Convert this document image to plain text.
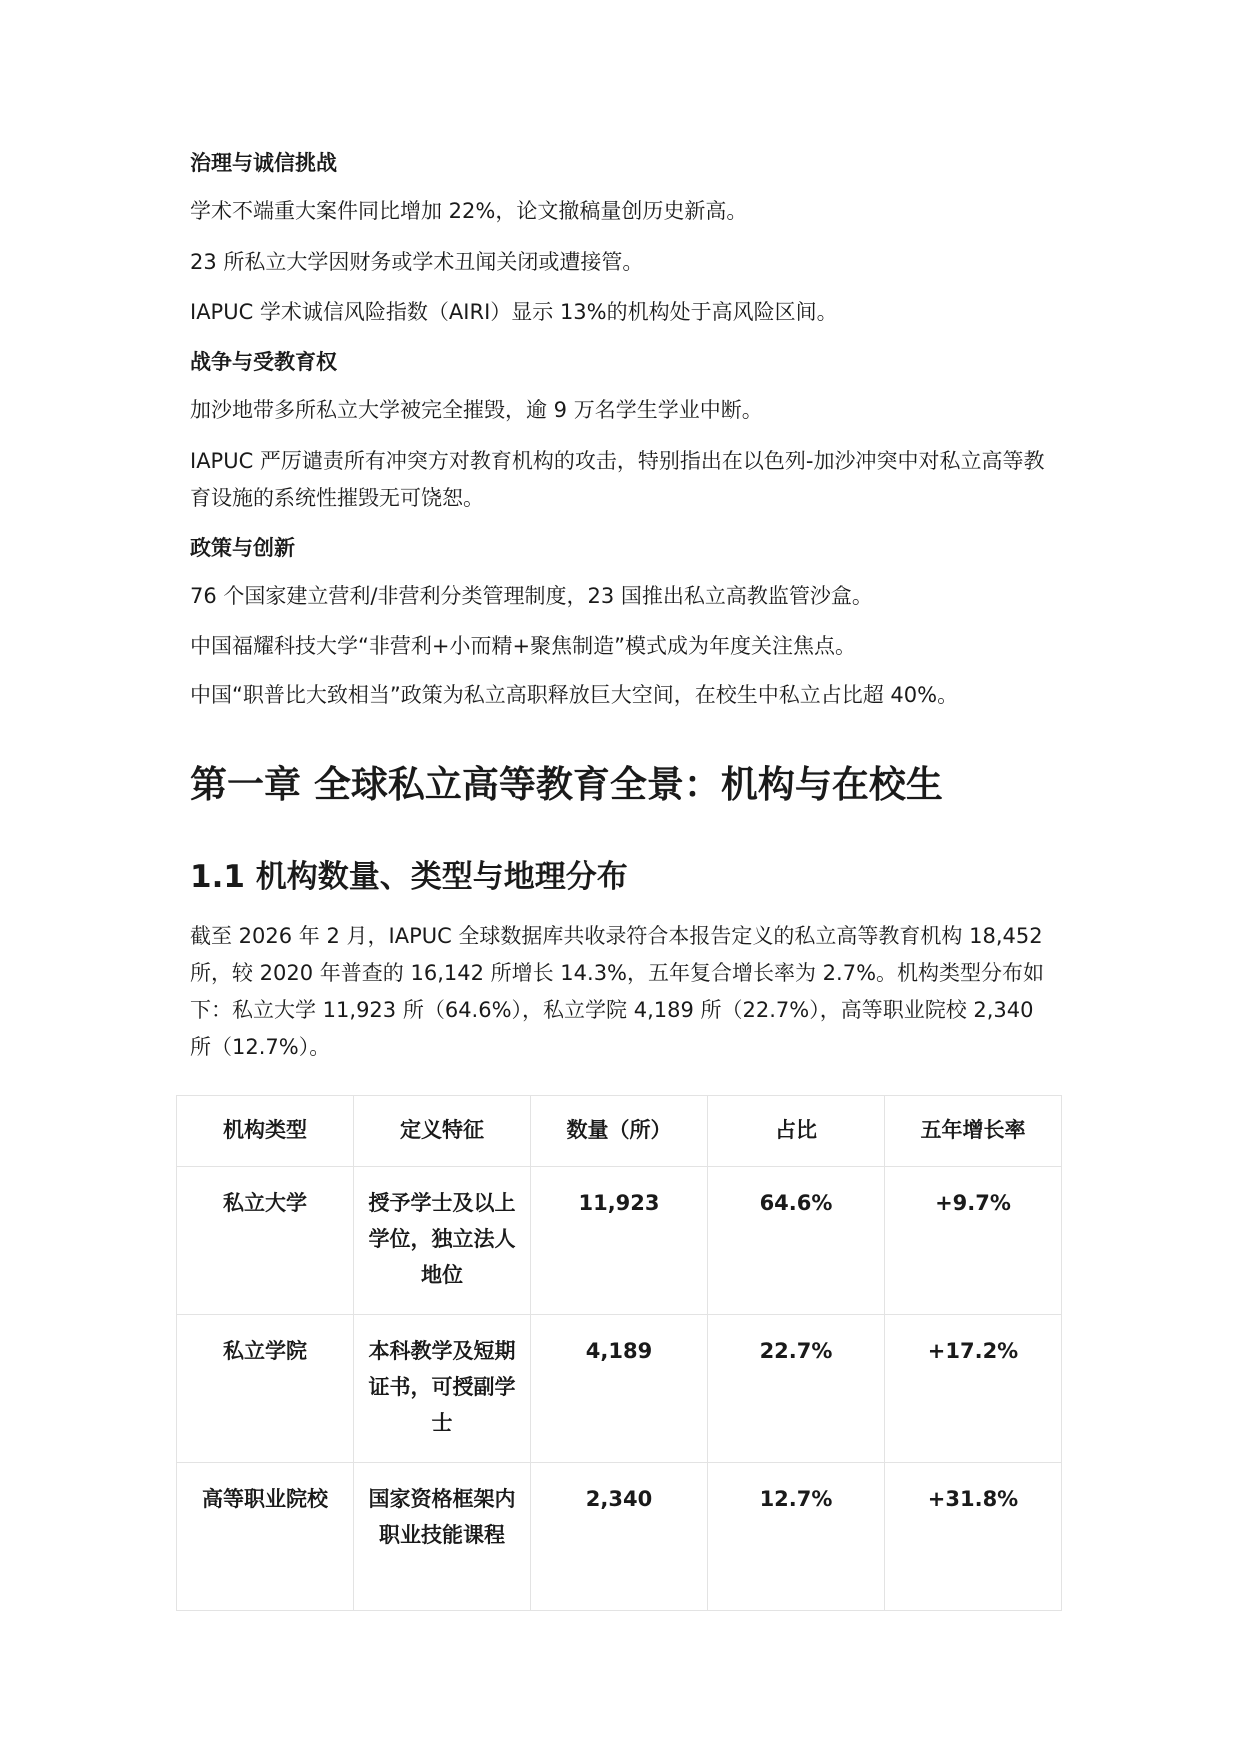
治理与诚信挑战
学术不端重大案件同比增加 22%，论文撤稿量创历史新高。
23 所私立大学因财务或学术丑闻关闭或遭接管。
IAPUC 学术诚信风险指数（AIRI）显示 13%的机构处于高风险区间。
战争与受教育权
加沙地带多所私立大学被完全摧毁，逾 9 万名学生学业中断。
IAPUC 严厉谴责所有冲突方对教育机构的攻击，特别指出在以色列-加沙冲突中对私立高等教育设施的系统性摧毁无可饶恕。
政策与创新
76 个国家建立营利/非营利分类管理制度，23 国推出私立高教监管沙盒。
中国福耀科技大学“非营利+小而精+聚焦制造”模式成为年度关注焦点。
中国“职普比大致相当”政策为私立高职释放巨大空间，在校生中私立占比超 40%。
第一章 全球私立高等教育全景：机构与在校生
1.1 机构数量、类型与地理分布
截至 2026 年 2 月，IAPUC 全球数据库共收录符合本报告定义的私立高等教育机构 18,452 所，较 2020 年普查的 16,142 所增长 14.3%，五年复合增长率为 2.7%。机构类型分布如下：私立大学 11,923 所（64.6%），私立学院 4,189 所（22.7%），高等职业院校 2,340 所（12.7%）。
机构类型	定义特征	数量（所）	占比	五年增长率
私立大学	授予学士及以上学位，独立法人地位	11,923	64.6%	+9.7%
私立学院	本科教学及短期证书，可授副学士	4,189	22.7%	+17.2%
高等职业院校	国家资格框架内职业技能课程	2,340	12.7%	+31.8%
